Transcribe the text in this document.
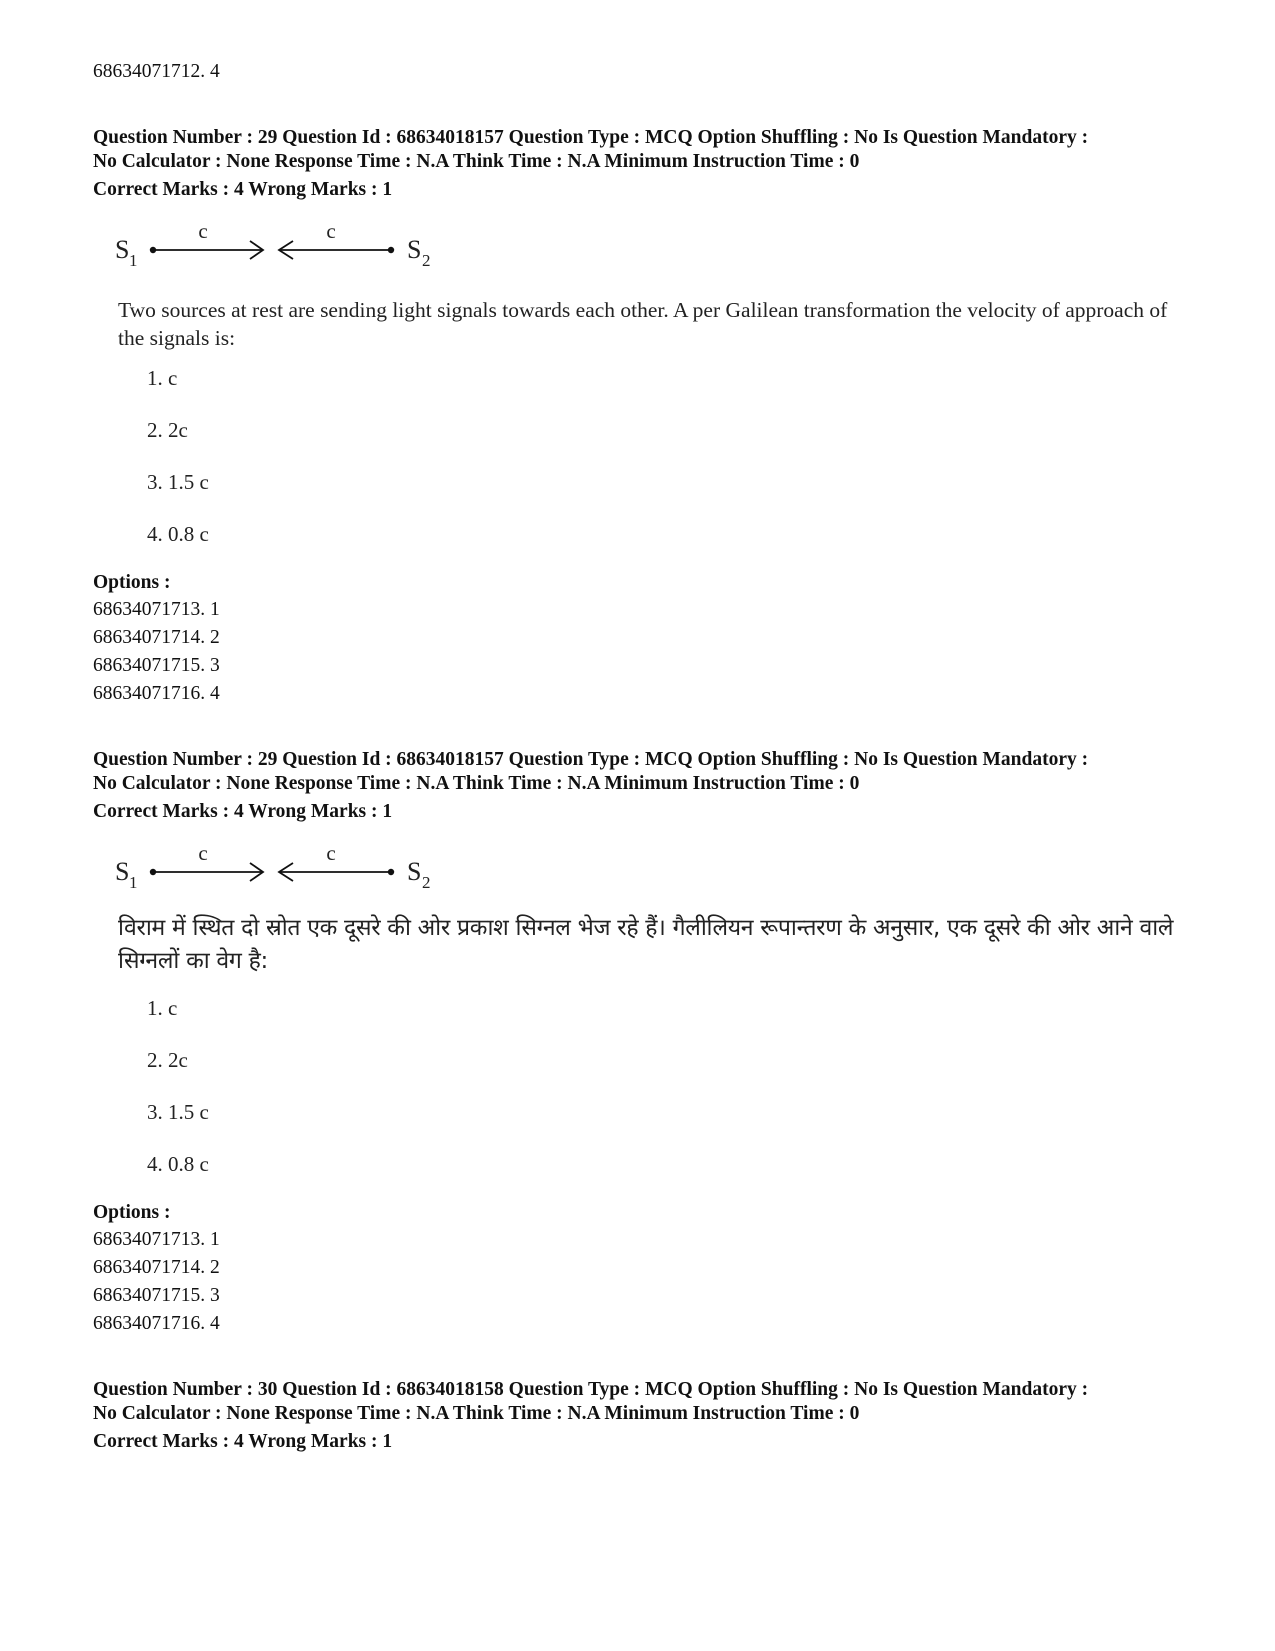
68634071712. 4
Question Number : 29 Question Id : 68634018157 Question Type : MCQ Option Shuffling : No Is Question Mandatory :
No Calculator : None Response Time : N.A Think Time : N.A Minimum Instruction Time : 0
Correct Marks : 4 Wrong Marks : 1
S 1
c	c
S 2
Two sources at rest are sending light signals towards each other. A per Galilean transformation the velocity of approach of the signals is:
1. c
2. 2c
3. 1.5 c
4. 0.8 c
Options :
68634071713. 1
68634071714. 2
68634071715. 3
68634071716. 4
Question Number : 29 Question Id : 68634018157 Question Type : MCQ Option Shuffling : No Is Question Mandatory :
No Calculator : None Response Time : N.A Think Time : N.A Minimum Instruction Time : 0
Correct Marks : 4 Wrong Marks : 1
S 1
c	c
S 2
विराम में स्थित दो स्रोत एक दूसरे की ओर प्रकाश सिग्नल भेज रहे हैं। गैलीलियन रूपान्तरण के अनुसार, एक दूसरे की ओर आने वाले सिग्नलों का वेग है:
1. c
2. 2c
3. 1.5 c
4. 0.8 c
Options :
68634071713. 1
68634071714. 2
68634071715. 3
68634071716. 4
Question Number : 30 Question Id : 68634018158 Question Type : MCQ Option Shuffling : No Is Question Mandatory :
No Calculator : None Response Time : N.A Think Time : N.A Minimum Instruction Time : 0
Correct Marks : 4 Wrong Marks : 1
